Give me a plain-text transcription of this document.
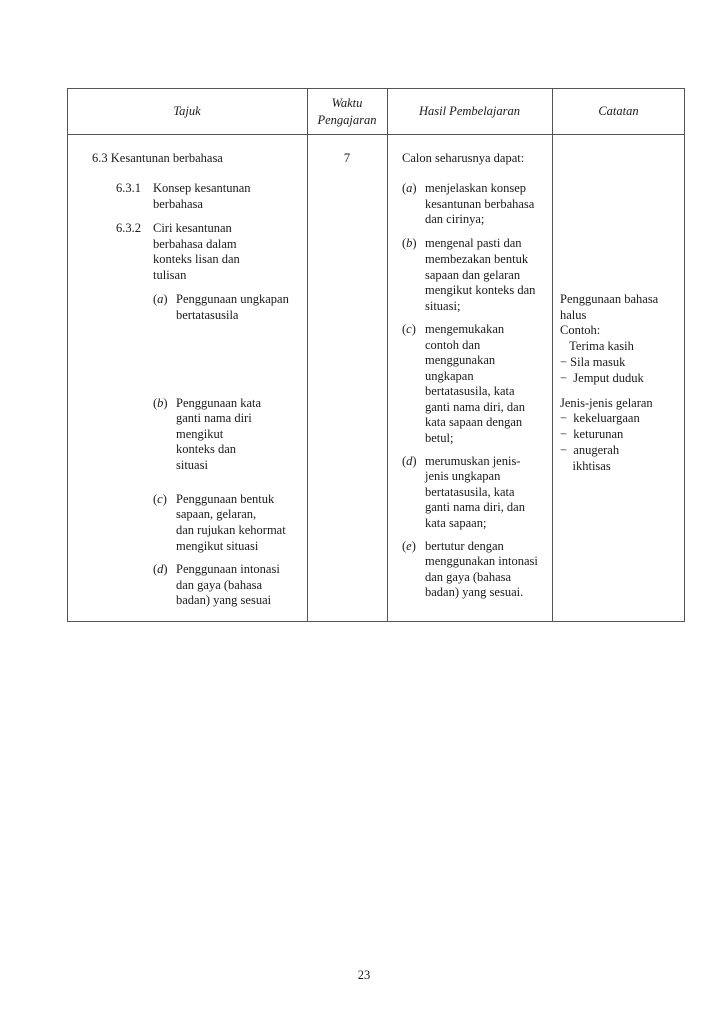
Tajuk
Waktu
Pengajaran
Hasil Pembelajaran	Catatan
6.3 Kesantunan berbahasa
6.3.1 Konsep kesantunan
berbahasa
6.3.2 Ciri kesantunan
berbahasa dalam
konteks lisan dan
tulisan
(a) Penggunaan ungkapan
bertatasusila
(b) Penggunaan kata
ganti nama diri
mengikut
konteks dan
situasi
(c) Penggunaan bentuk
sapaan, gelaran,
dan rujukan kehormat
mengikut situasi
(d) Penggunaan intonasi
dan gaya (bahasa
badan) yang sesuai
7	Calon seharusnya dapat:
(a) menjelaskan konsep
kesantunan berbahasa
dan cirinya;
(b) mengenal pasti dan
membezakan bentuk
sapaan dan gelaran
mengikut konteks dan
situasi;
(c) mengemukakan
contoh dan
menggunakan
ungkapan
bertatasusila, kata
ganti nama diri, dan
kata sapaan dengan
betul;
(d) merumuskan jenis-
jenis ungkapan
bertatasusila, kata
ganti nama diri, dan
kata sapaan;
(e) bertutur dengan
menggunakan intonasi
dan gaya (bahasa
badan) yang sesuai.
Penggunaan bahasa
halus
Contoh:
Terima kasih
− Sila masuk
−  Jemput duduk
Jenis-jenis gelaran
−  kekeluargaan
−  keturunan
−  anugerah
ikhtisas
23
